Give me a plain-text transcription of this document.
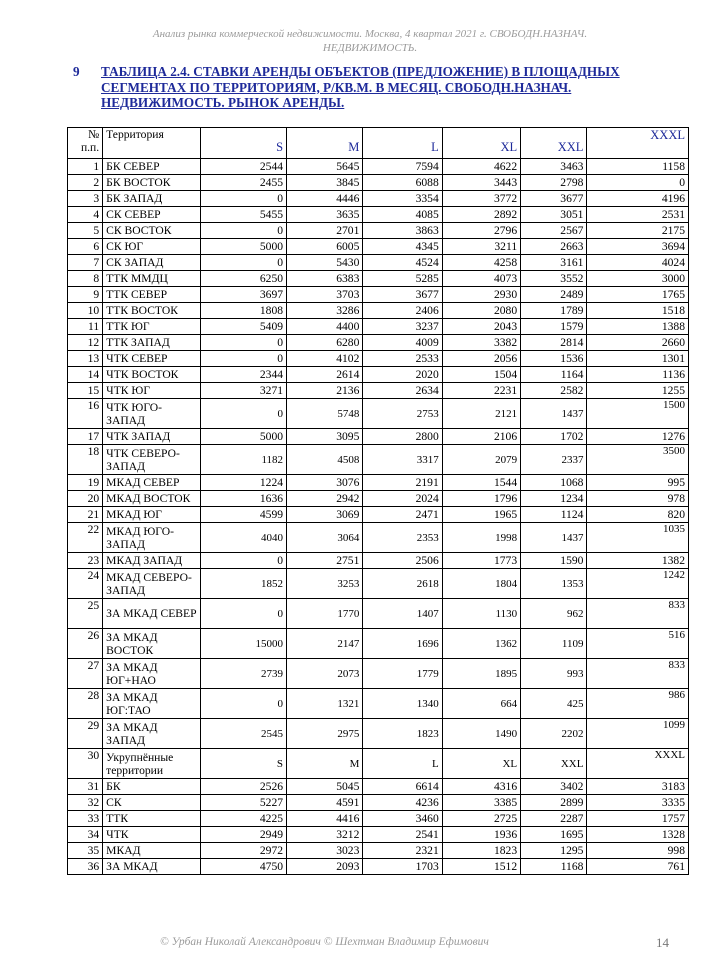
Анализ рынка коммерческой недвижимости. Москва, 4 квартал 2021 г. СВОБОДН.НАЗНАЧ.
НЕДВИЖИМОСТЬ.
9 ТАБЛИЦА 2.4. СТАВКИ АРЕНДЫ ОБЪЕКТОВ (ПРЕДЛОЖЕНИЕ) В ПЛОЩАДНЫХ СЕГМЕНТАХ ПО ТЕРРИТОРИЯМ, Р/КВ.М. В МЕСЯЦ. СВОБОДН.НАЗНАЧ. НЕДВИЖИМОСТЬ. РЫНОК АРЕНДЫ.
№ п.п.	Территория	S	M	L	XL	XXL	XXXL
1	БК СЕВЕР	2544	5645	7594	4622	3463	1158
2	БК ВОСТОК	2455	3845	6088	3443	2798	0
3	БК ЗАПАД	0	4446	3354	3772	3677	4196
4	СК СЕВЕР	5455	3635	4085	2892	3051	2531
5	СК ВОСТОК	0	2701	3863	2796	2567	2175
6	СК ЮГ	5000	6005	4345	3211	2663	3694
7	СК ЗАПАД	0	5430	4524	4258	3161	4024
8	ТТК ММДЦ	6250	6383	5285	4073	3552	3000
9	ТТК СЕВЕР	3697	3703	3677	2930	2489	1765
10	ТТК ВОСТОК	1808	3286	2406	2080	1789	1518
11	ТТК ЮГ	5409	4400	3237	2043	1579	1388
12	ТТК ЗАПАД	0	6280	4009	3382	2814	2660
13	ЧТК СЕВЕР	0	4102	2533	2056	1536	1301
14	ЧТК ВОСТОК	2344	2614	2020	1504	1164	1136
15	ЧТК ЮГ	3271	2136	2634	2231	2582	1255
16	ЧТК ЮГО-ЗАПАД	0	5748	2753	2121	1437	1500
17	ЧТК ЗАПАД	5000	3095	2800	2106	1702	1276
18	ЧТК СЕВЕРО-ЗАПАД	1182	4508	3317	2079	2337	3500
19	МКАД СЕВЕР	1224	3076	2191	1544	1068	995
20	МКАД ВОСТОК	1636	2942	2024	1796	1234	978
21	МКАД ЮГ	4599	3069	2471	1965	1124	820
22	МКАД ЮГО-ЗАПАД	4040	3064	2353	1998	1437	1035
23	МКАД ЗАПАД	0	2751	2506	1773	1590	1382
24	МКАД СЕВЕРО-ЗАПАД	1852	3253	2618	1804	1353	1242
25	ЗА МКАД СЕВЕР	0	1770	1407	1130	962	833
26	ЗА МКАД ВОСТОК	15000	2147	1696	1362	1109	516
27	ЗА МКАД ЮГ+НАО	2739	2073	1779	1895	993	833
28	ЗА МКАД ЮГ:ТАО	0	1321	1340	664	425	986
29	ЗА МКАД ЗАПАД	2545	2975	1823	1490	2202	1099
30	Укрупнённые территории	S	M	L	XL	XXL	XXXL
31	БК	2526	5045	6614	4316	3402	3183
32	СК	5227	4591	4236	3385	2899	3335
33	ТТК	4225	4416	3460	2725	2287	1757
34	ЧТК	2949	3212	2541	1936	1695	1328
35	МКАД	2972	3023	2321	1823	1295	998
36	ЗА МКАД	4750	2093	1703	1512	1168	761
© Урбан Николай Александрович © Шехтман Владимир Ефимович	14
